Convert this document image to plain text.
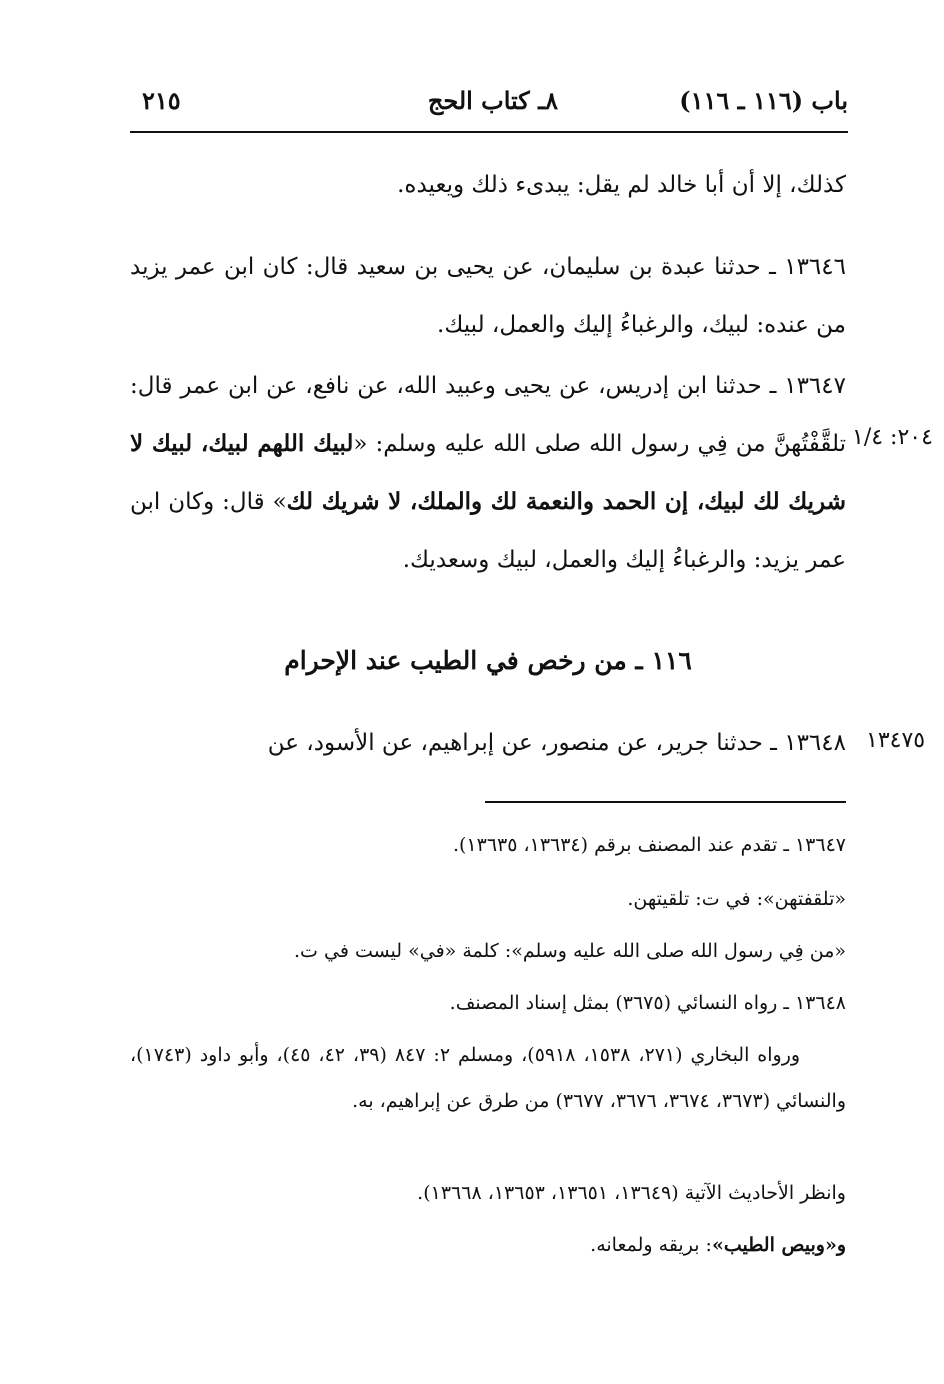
باب (١١٦ ـ ١١٦)
٨ـ كتاب الحج
٢١٥
كذلك، إلا أن أبا خالد لم يقل: يبدىء ذلك ويعيده.
١٣٦٤٦ ـ حدثنا عبدة بن سليمان، عن يحيى بن سعيد قال: كان ابن عمر يزيد من عنده: لبيك، والرغباءُ إليك والعمل، لبيك.
١٣٦٤٧ ـ حدثنا ابن إدريس، عن يحيى وعبيد الله، عن نافع، عن ابن عمر قال: تلقَّفْتُهنَّ من فِي رسول الله صلى الله عليه وسلم: «لبيك اللهم لبيك، لبيك لا شريك لك لبيك، إن الحمد والنعمة لك والملك، لا شريك لك» قال: وكان ابن عمر يزيد: والرغباءُ إليك والعمل، لبيك وسعديك.
٢٠٤: ١/٤
١١٦ ـ من رخص في الطيب عند الإحرام
١٣٦٤٨ ـ حدثنا جرير، عن منصور، عن إبراهيم، عن الأسود، عن ١٣٤٧٥
١٣٦٤٧ ـ تقدم عند المصنف برقم (١٣٦٣٤، ١٣٦٣٥).
«تلقفتهن»: في ت: تلقيتهن.
«من فِي رسول الله صلى الله عليه وسلم»: كلمة «في» ليست في ت.
١٣٦٤٨ ـ رواه النسائي (٣٦٧٥) بمثل إسناد المصنف.
ورواه البخاري (٢٧١، ١٥٣٨، ٥٩١٨)، ومسلم ٢: ٨٤٧ (٣٩، ٤٢، ٤٥)، وأبو داود (١٧٤٣)، والنسائي (٣٦٧٣، ٣٦٧٤، ٣٦٧٦، ٣٦٧٧) من طرق عن إبراهيم، به.
وانظر الأحاديث الآتية (١٣٦٤٩، ١٣٦٥١، ١٣٦٥٣، ١٣٦٦٨).
و«وبيص الطيب»: بريقه ولمعانه.
